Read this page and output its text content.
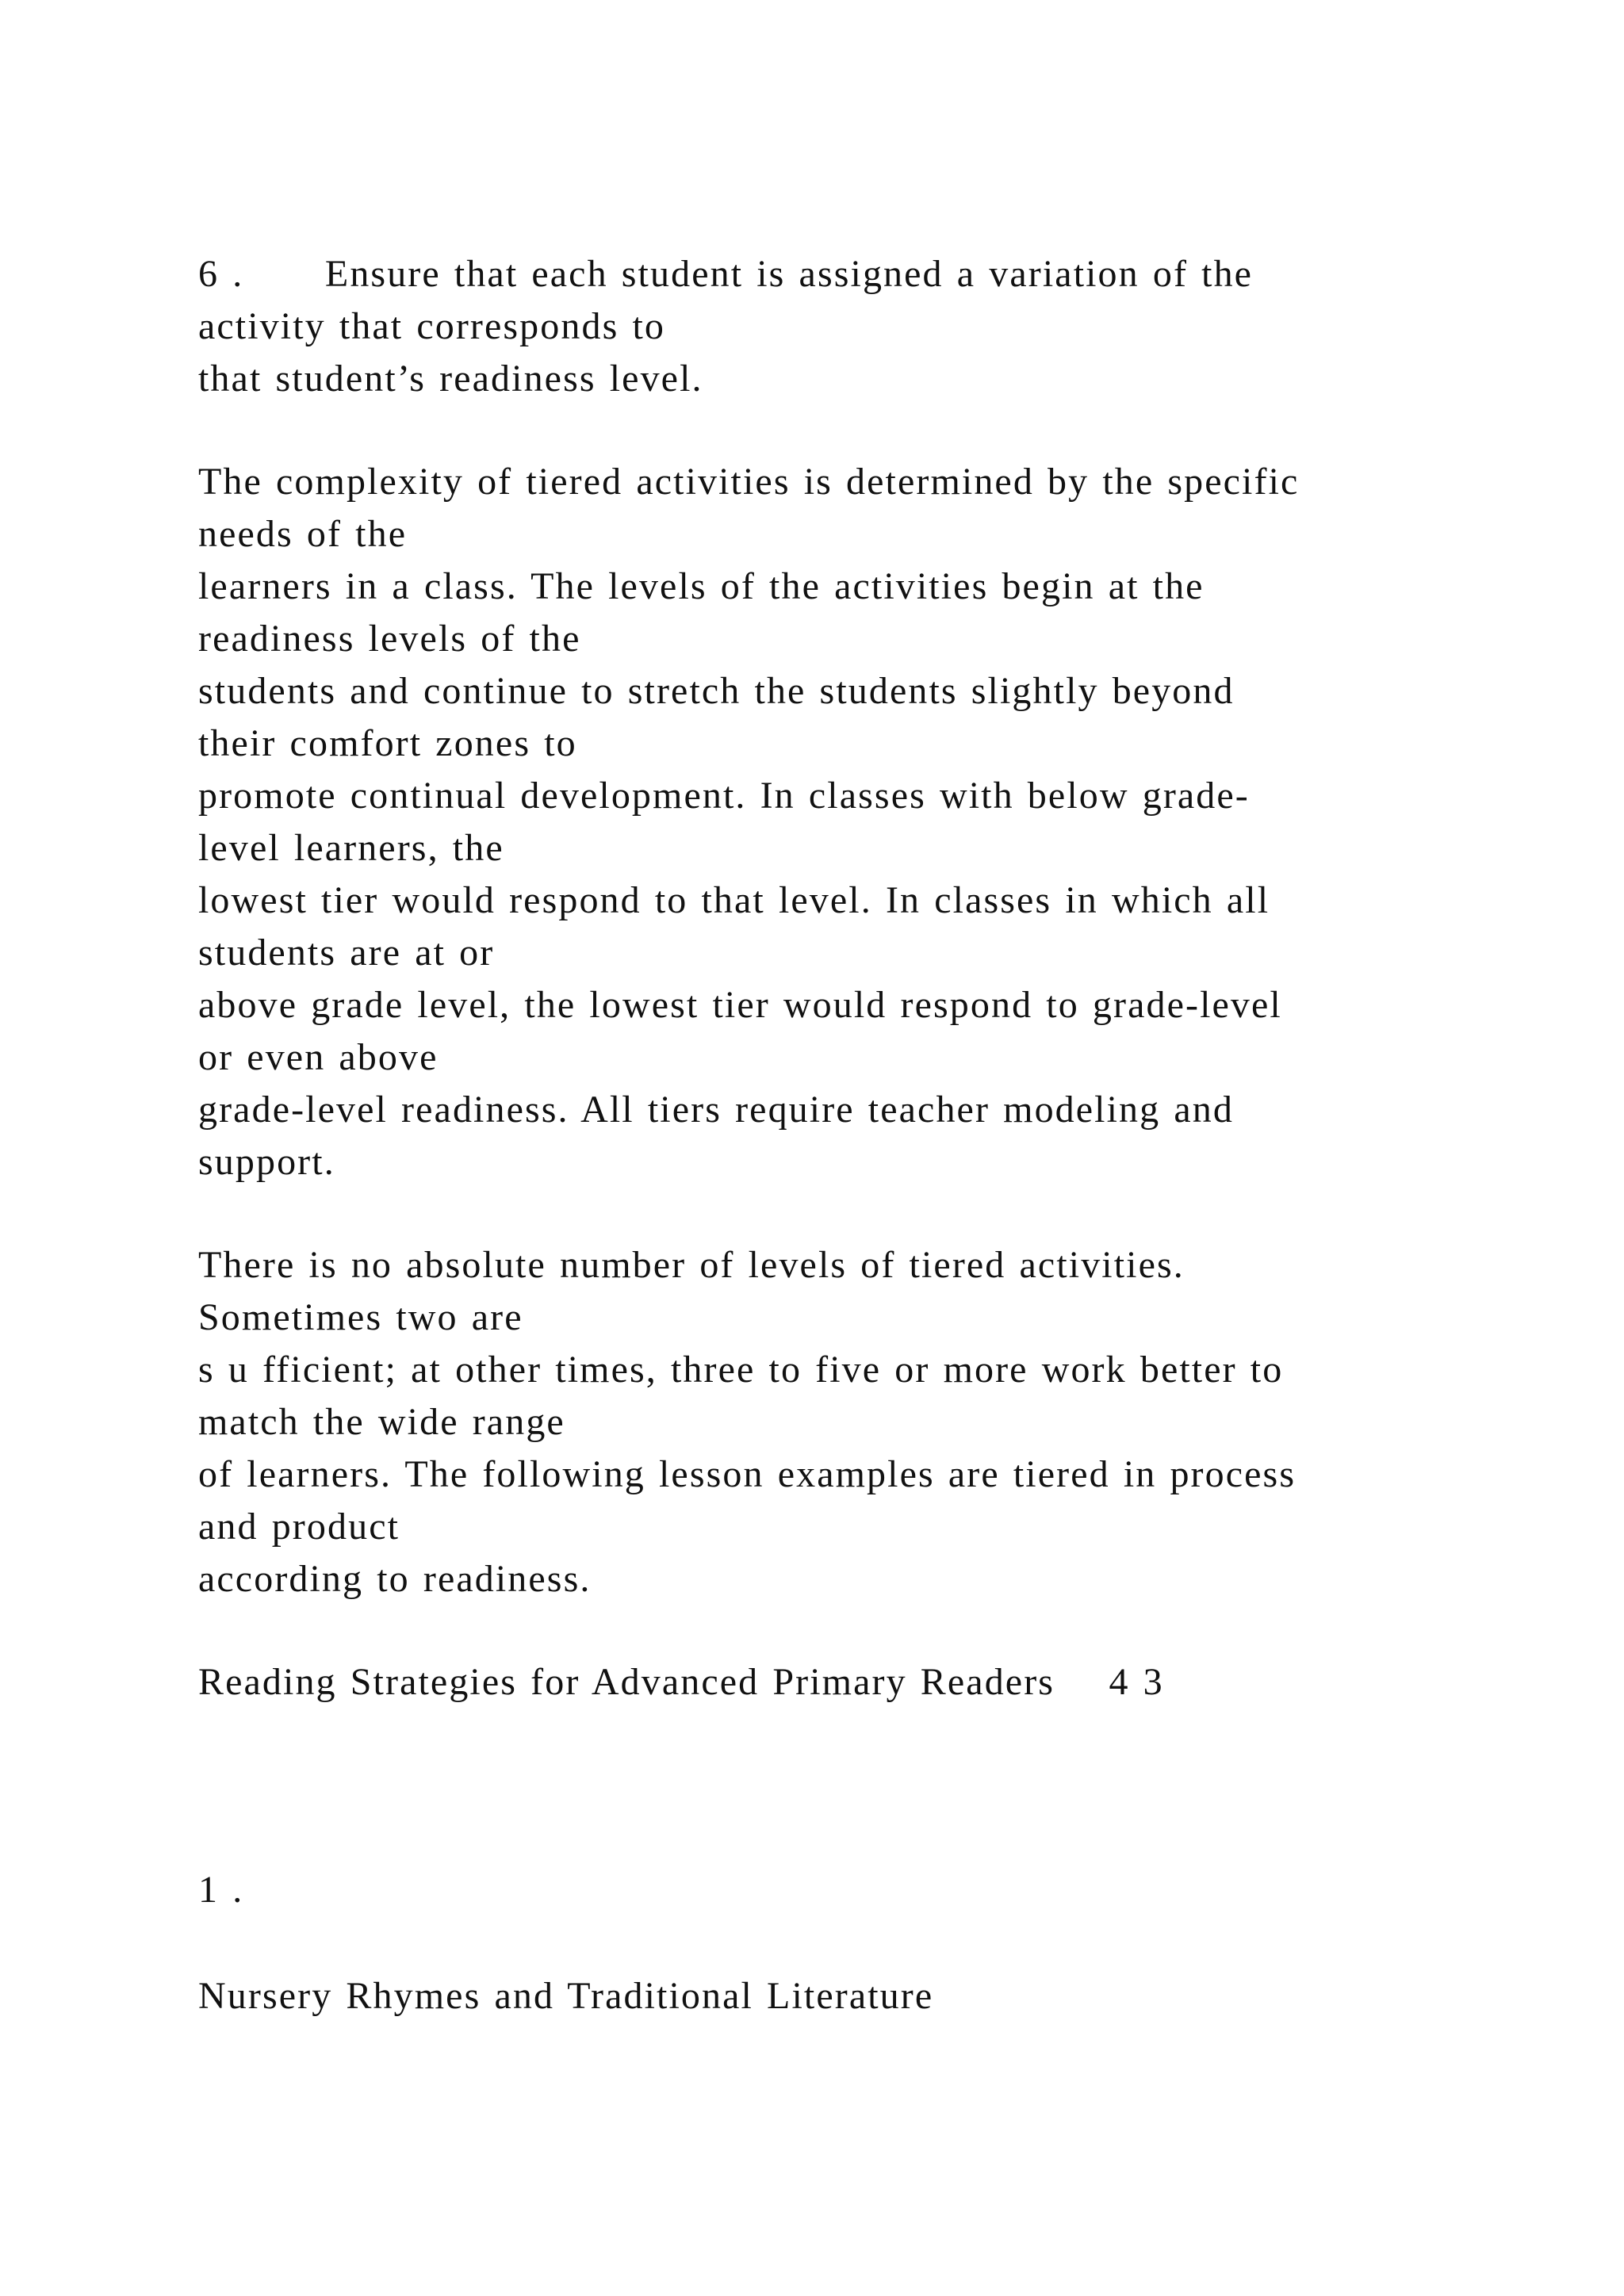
6 .      Ensure that each student is assigned a variation of the
activity that corresponds to
that student’s readiness level.
The complexity of tiered activities is determined by the specific
needs of the
learners in a class. The levels of the activities begin at the
readiness levels of the
students and continue to stretch the students slightly beyond
their comfort zones to
promote continual development. In classes with below grade-
level learners, the
lowest tier would respond to that level. In classes in which all
students are at or
above grade level, the lowest tier would respond to grade-level
or even above
grade-level readiness. All tiers require teacher modeling and
support.
There is no absolute number of levels of tiered activities.
Sometimes two are
s u fficient; at other times, three to five or more work better to
match the wide range
of learners. The following lesson examples are tiered in process
and product
according to readiness.
Reading Strategies for Advanced Primary Readers    4 3
1 .
Nursery Rhymes and Traditional Literature
